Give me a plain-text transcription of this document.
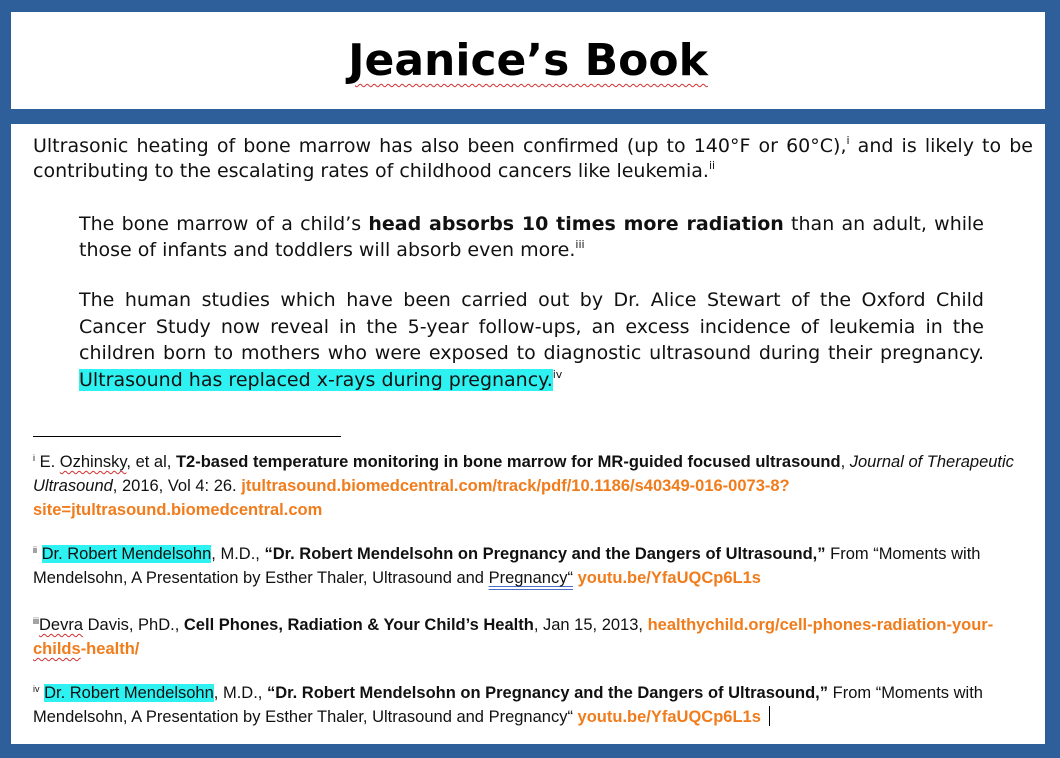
Jeanice’s Book
Ultrasonic heating of bone marrow has also been confirmed (up to 140°F or 60°C),$^i$ and is likely to be contributing to the escalating rates of childhood cancers like leukemia.$^{ii}$
The bone marrow of a child’s head absorbs 10 times more radiation than an adult, while those of infants and toddlers will absorb even more.$^{iii}$
The human studies which have been carried out by Dr. Alice Stewart of the Oxford Child Cancer Study now reveal in the 5-year follow-ups, an excess incidence of leukemia in the children born to mothers who were exposed to diagnostic ultrasound during their pregnancy. Ultrasound has replaced x-rays during pregnancy.$^{iv}$
$^i$ E. Ozhinsky, et al, T2-based temperature monitoring in bone marrow for MR-guided focused ultrasound, Journal of Therapeutic Ultrasound, 2016, Vol 4: 26. jtultrasound.biomedcentral.com/track/pdf/10.1186/s40349-016-0073-8?site=jtultrasound.biomedcentral.com
$^{ii}$ Dr. Robert Mendelsohn, M.D., “Dr. Robert Mendelsohn on Pregnancy and the Dangers of Ultrasound,” From “Moments with Mendelsohn, A Presentation by Esther Thaler, Ultrasound and Pregnancy“ youtu.be/YfaUQCp6L1s
$^{iii}$Devra Davis, PhD., Cell Phones, Radiation & Your Child’s Health, Jan 15, 2013, healthychild.org/cell-phones-radiation-your-childs-health/
$^{iv}$ Dr. Robert Mendelsohn, M.D., “Dr. Robert Mendelsohn on Pregnancy and the Dangers of Ultrasound,” From “Moments with Mendelsohn, A Presentation by Esther Thaler, Ultrasound and Pregnancy“ youtu.be/YfaUQCp6L1s
